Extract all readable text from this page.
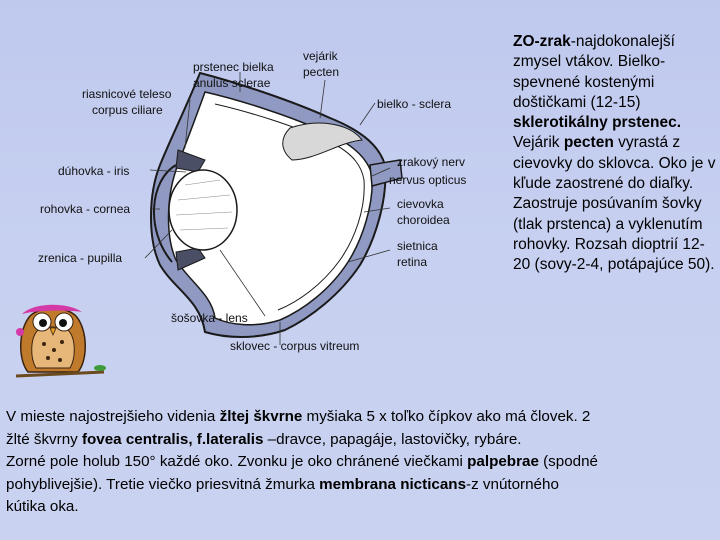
prstenec bielka
anulus sclerae
vejárik
pecten
riasnicové teleso
corpus ciliare	bielko - sclera
dúhovka - iris
zrakový nerv
nervus opticus
rohovka - cornea	cievovka
choroidea
zrenica - pupilla
sietnica
retina
šošovka - lens
sklovec - corpus vitreum
ZO-zrak-najdokonalejší zmysel vtákov. Bielko-spevnené kostenými doštičkami (12-15) sklerotikálny prstenec. Vejárik pecten vyrastá z cievovky do sklovca. Oko je v kľude zaostrené do diaľky. Zaostruje posúvaním šovky (tlak prstenca) a vyklenutím rohovky. Rozsah dioptrií 12-20 (sovy-2-4, potápajúce 50).
V mieste najostrejšieho videnia žltej škvrne myšiaka 5 x toľko čípkov ako má človek. 2
žlté škvrny fovea centralis, f.lateralis –dravce, papagáje, lastovičky, rybáre.
Zorné pole holub 150° každé oko. Zvonku je oko chránené viečkami palpebrae (spodné
pohyblivejšie). Tretie viečko priesvitná žmurka membrana nicticans-z vnútorného
kútika oka.
